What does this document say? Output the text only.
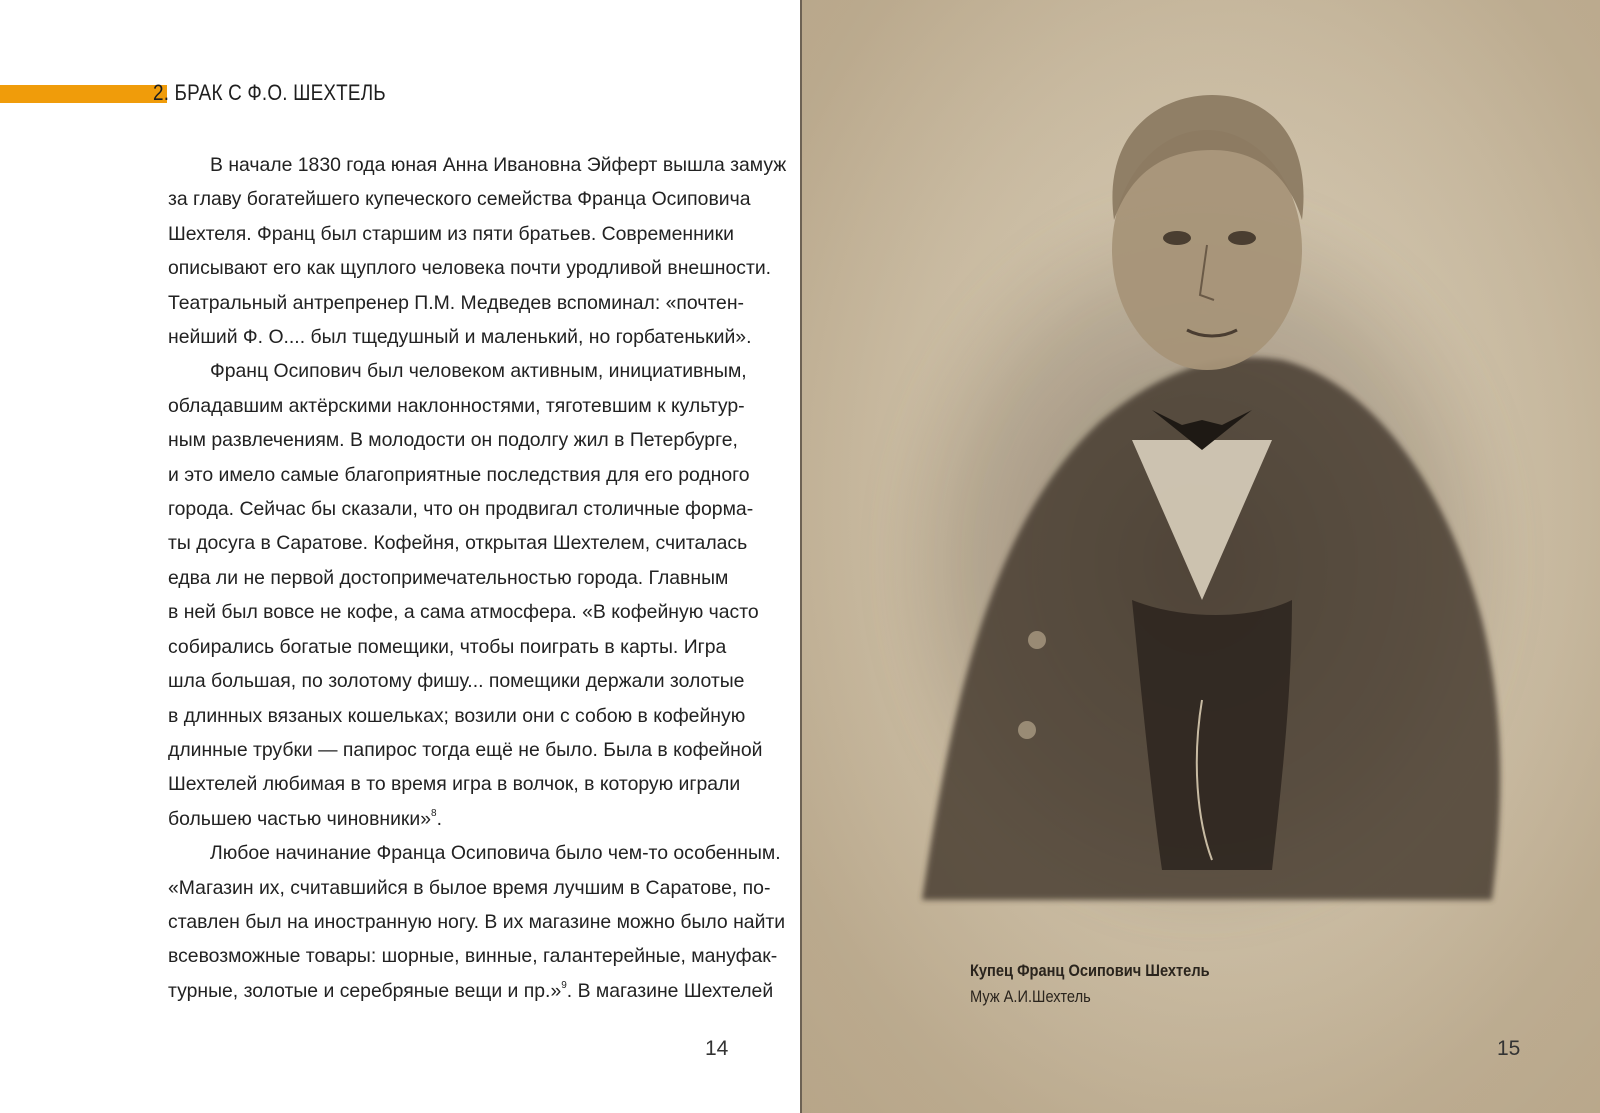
2. БРАК С Ф.О. ШЕХТЕЛЬ

В начале 1830 года юная Анна Ивановна Эйферт вышла замуж

за главу богатейшего купеческого семейства Франца Осиповича

Шехтеля. Франц был старшим из пяти братьев. Современники

описывают его как щуплого человека почти уродливой внешности.

Театральный антрепренер П.М. Медведев вспоминал: «почтен-

нейший Ф. О.... был тщедушный и маленький, но горбатенький».

Франц Осипович был человеком активным, инициативным,

обладавшим актёрскими наклонностями, тяготевшим к культур-

ным развлечениям. В молодости он подолгу жил в Петербурге,

и это имело самые благоприятные последствия для его родного

города. Сейчас бы сказали, что он продвигал столичные форма-

ты досуга в Саратове. Кофейня, открытая Шехтелем, считалась

едва ли не первой достопримечательностью города. Главным

в ней был вовсе не кофе, а сама атмосфера. «В кофейную часто

собирались богатые помещики, чтобы поиграть в карты. Игра

шла большая, по золотому фишу... помещики держали золотые

в длинных вязаных кошельках; возили они с собою в кофейную

длинные трубки — папирос тогда ещё не было. Была в кофейной

Шехтелей любимая в то время игра в волчок, в которую играли

большею частью чиновники»$^8$.

Любое начинание Франца Осиповича было чем-то особенным.

«Магазин их, считавшийся в былое время лучшим в Саратове, по-

ставлен был на иностранную ногу. В их магазине можно было найти

всевозможные товары: шорные, винные, галантерейные, мануфак-

турные, золотые и серебряные вещи и пр.»$^9$. В магазине Шехтелей

14
Купец Франц Осипович Шехтель
Муж А.И.Шехтель
15
